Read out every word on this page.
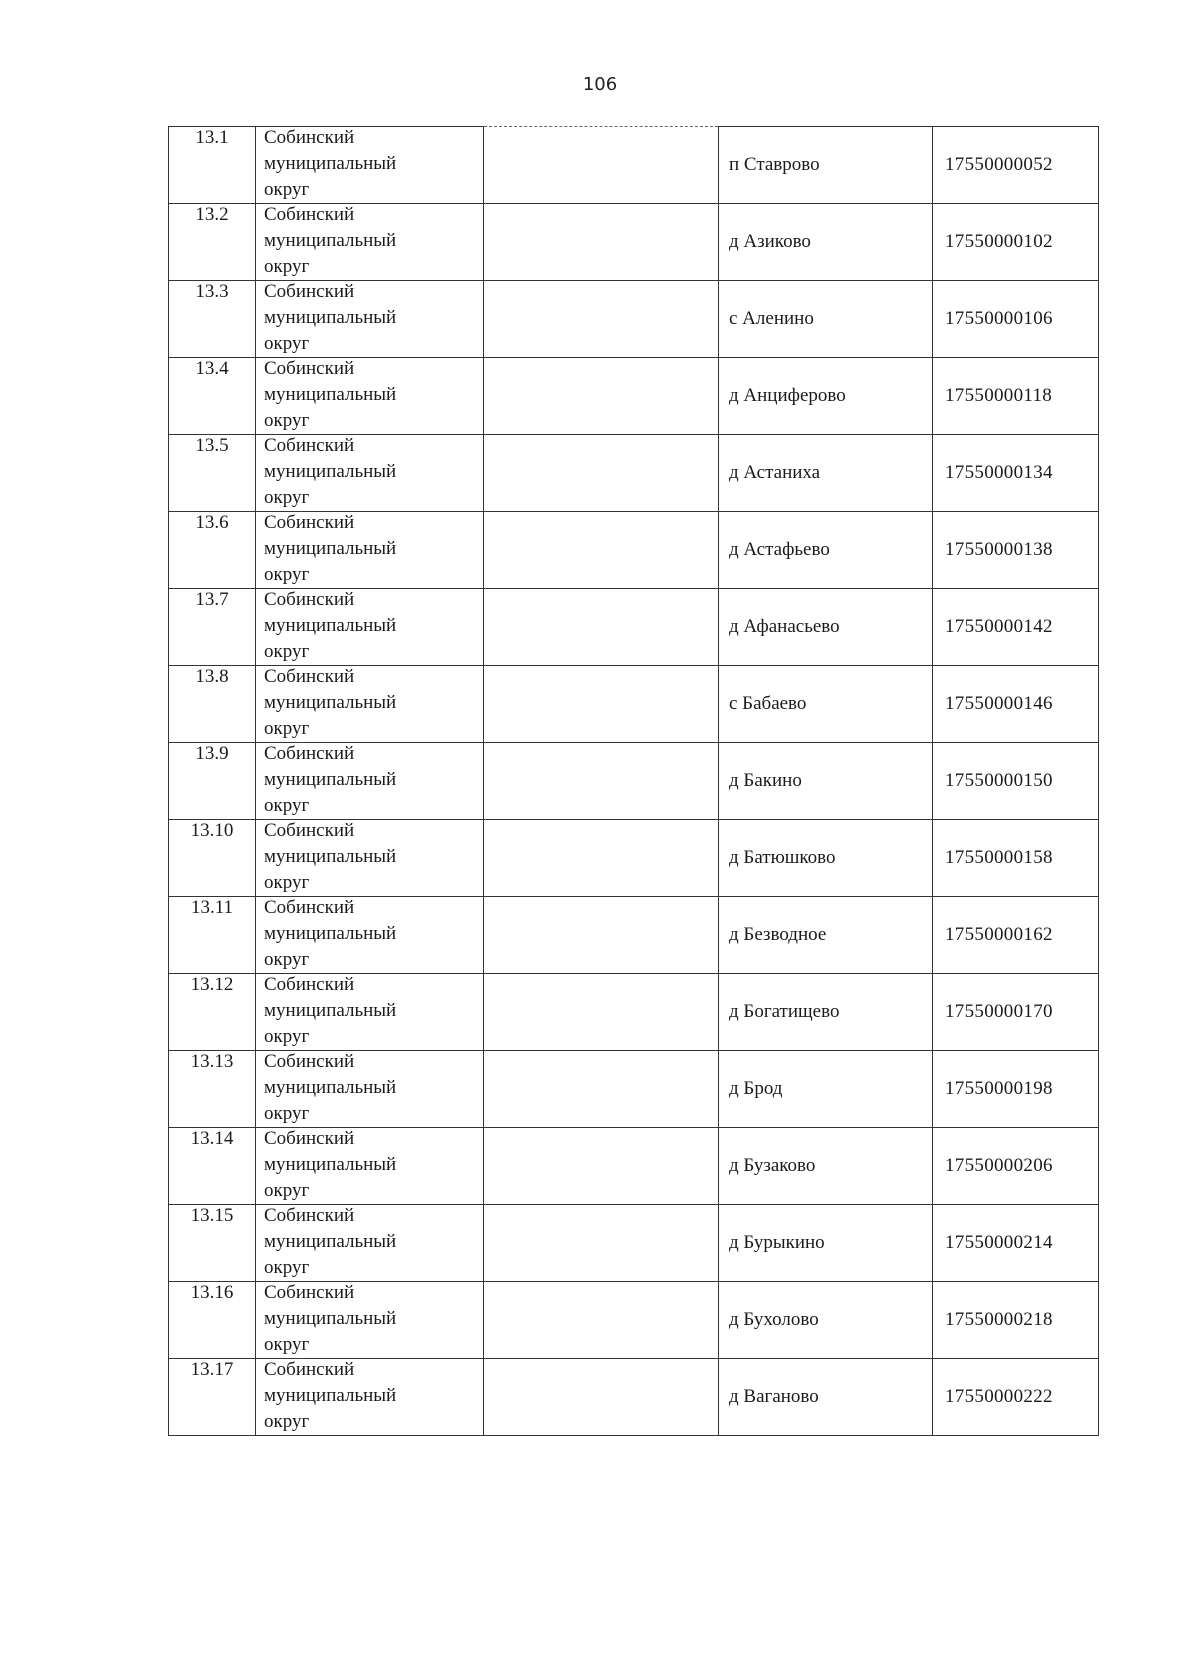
106
13.1	Собинский муниципальный округ		п Ставрово	17550000052

13.2	Собинский муниципальный округ		д Азиково	17550000102

13.3	Собинский муниципальный округ		с Аленино	17550000106

13.4	Собинский муниципальный округ		д Анциферово	17550000118

13.5	Собинский муниципальный округ		д Астаниха	17550000134

13.6	Собинский муниципальный округ		д Астафьево	17550000138

13.7	Собинский муниципальный округ		д Афанасьево	17550000142

13.8	Собинский муниципальный округ		с Бабаево	17550000146

13.9	Собинский муниципальный округ		д Бакино	17550000150

13.10	Собинский муниципальный округ		д Батюшково	17550000158

13.11	Собинский муниципальный округ		д Безводное	17550000162

13.12	Собинский муниципальный округ		д Богатищево	17550000170

13.13	Собинский муниципальный округ		д Брод	17550000198

13.14	Собинский муниципальный округ		д Бузаково	17550000206

13.15	Собинский муниципальный округ		д Бурыкино	17550000214

13.16	Собинский муниципальный округ		д Бухолово	17550000218

13.17	Собинский муниципальный округ		д Ваганово	17550000222
